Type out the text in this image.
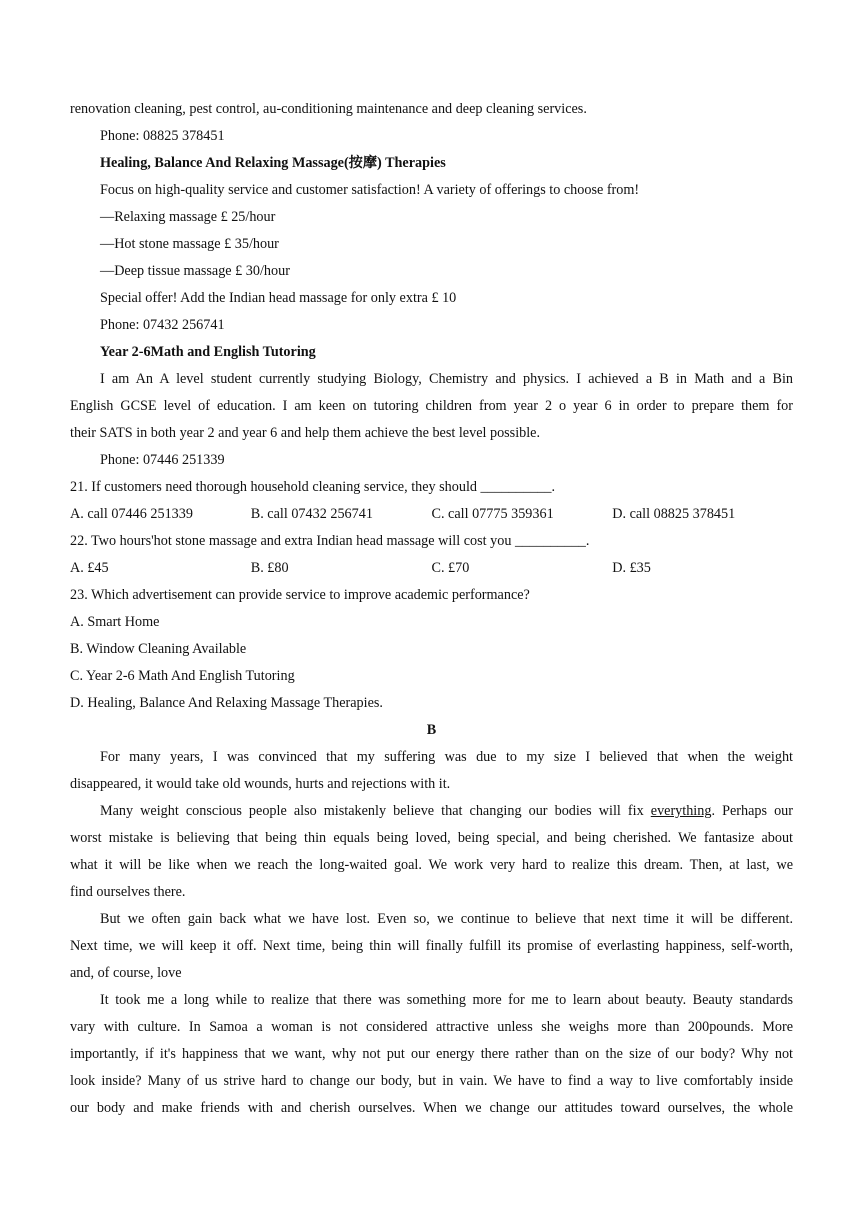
renovation cleaning, pest control, au-conditioning maintenance and deep cleaning services.
Phone: 08825 378451
Healing, Balance And Relaxing Massage(按摩) Therapies
Focus on high-quality service and customer satisfaction! A variety of offerings to choose from!
—Relaxing massage £ 25/hour
—Hot stone massage £ 35/hour
—Deep tissue massage £ 30/hour
Special offer! Add the Indian head massage for only extra £ 10
Phone: 07432 256741
Year 2-6Math and English Tutoring
I am An A level student currently studying Biology, Chemistry and physics. I achieved a B in Math and a Bin
English GCSE level of education. I am keen on tutoring children from year 2 o year 6 in order to prepare them for
their SATS in both year 2 and year 6 and help them achieve the best level possible.
Phone: 07446 251339
21. If customers need thorough household cleaning service, they should __________.
A. call 07446 251339	B. call 07432 256741	C. call 07775 359361	D. call 08825 378451
22. Two hours'hot stone massage and extra Indian head massage will cost you __________.
A. £45	B. £80	C. £70	D. £35
23. Which advertisement can provide service to improve academic performance?
A. Smart Home
B. Window Cleaning Available
C. Year 2-6 Math And English Tutoring
D. Healing, Balance And Relaxing Massage Therapies.
B
For many years, I was convinced that my suffering was due to my size I believed that when the weight
disappeared, it would take old wounds, hurts and rejections with it.
Many weight conscious people also mistakenly believe that changing our bodies will fix everything. Perhaps our
worst mistake is believing that being thin equals being loved, being special, and being cherished. We fantasize about
what it will be like when we reach the long-waited goal. We work very hard to realize this dream. Then, at last, we
find ourselves there.
But we often gain back what we have lost. Even so, we continue to believe that next time it will be different.
Next time, we will keep it off. Next time, being thin will finally fulfill its promise of everlasting happiness, self-worth,
and, of course, love
It took me a long while to realize that there was something more for me to learn about beauty. Beauty standards
vary with culture. In Samoa a woman is not considered attractive unless she weighs more than 200pounds. More
importantly, if it's happiness that we want, why not put our energy there rather than on the size of our body? Why not
look inside? Many of us strive hard to change our body, but in vain. We have to find a way to live comfortably inside
our body and make friends with and cherish ourselves. When we change our attitudes toward ourselves, the whole
